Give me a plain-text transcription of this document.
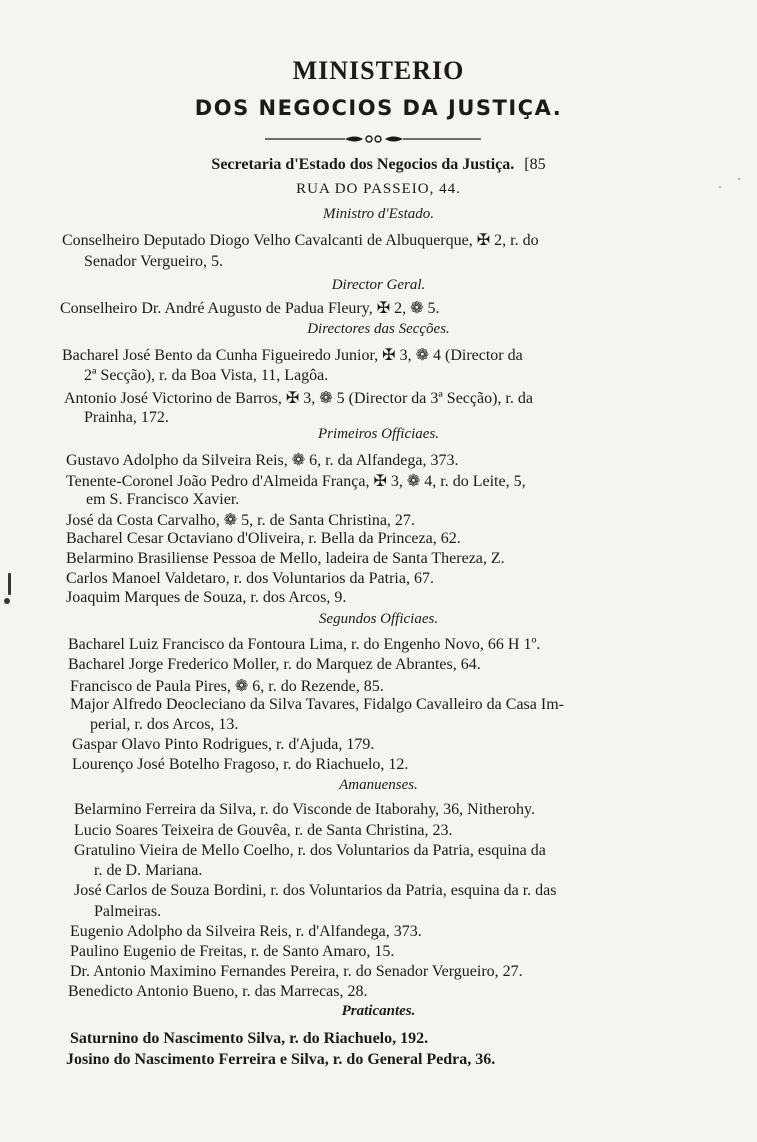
MINISTERIO
DOS NEGOCIOS DA JUSTIÇA.
Secretaria d'Estado dos Negocios da Justiça. [85
RUA DO PASSEIO, 44.
Ministro d'Estado.
Conselheiro Deputado Diogo Velho Cavalcanti de Albuquerque, ✠ 2, r. do
Senador Vergueiro, 5.
Director Geral.
Conselheiro Dr. André Augusto de Padua Fleury, ✠ 2, ❁ 5.
Directores das Secções.
Bacharel José Bento da Cunha Figueiredo Junior, ✠ 3, ❁ 4 (Director da
2ª Secção), r. da Boa Vista, 11, Lagôa.
Antonio José Victorino de Barros, ✠ 3, ❁ 5 (Director da 3ª Secção), r. da
Prainha, 172.
Primeiros Officiaes.
Gustavo Adolpho da Silveira Reis, ❁ 6, r. da Alfandega, 373.
Tenente-Coronel João Pedro d'Almeida França, ✠ 3, ❁ 4, r. do Leite, 5,
em S. Francisco Xavier.
José da Costa Carvalho, ❁ 5, r. de Santa Christina, 27.
Bacharel Cesar Octaviano d'Oliveira, r. Bella da Princeza, 62.
Belarmino Brasiliense Pessoa de Mello, ladeira de Santa Thereza, Z.
Carlos Manoel Valdetaro, r. dos Voluntarios da Patria, 67.
Joaquim Marques de Souza, r. dos Arcos, 9.
Segundos Officiaes.
Bacharel Luiz Francisco da Fontoura Lima, r. do Engenho Novo, 66 H 1º.
Bacharel Jorge Frederico Moller, r. do Marquez de Abrantes, 64.
Francisco de Paula Pires, ❁ 6, r. do Rezende, 85.
Major Alfredo Deocleciano da Silva Tavares, Fidalgo Cavalleiro da Casa Im-
perial, r. dos Arcos, 13.
Gaspar Olavo Pinto Rodrigues, r. d'Ajuda, 179.
Lourenço José Botelho Fragoso, r. do Riachuelo, 12.
Amanuenses.
Belarmino Ferreira da Silva, r. do Visconde de Itaborahy, 36, Nitherohy.
Lucio Soares Teixeira de Gouvêa, r. de Santa Christina, 23.
Gratulino Vieira de Mello Coelho, r. dos Voluntarios da Patria, esquina da
r. de D. Mariana.
José Carlos de Souza Bordini, r. dos Voluntarios da Patria, esquina da r. das
Palmeiras.
Eugenio Adolpho da Silveira Reis, r. d'Alfandega, 373.
Paulino Eugenio de Freitas, r. de Santo Amaro, 15.
Dr. Antonio Maximino Fernandes Pereira, r. do Senador Vergueiro, 27.
Benedicto Antonio Bueno, r. das Marrecas, 28.
Praticantes.
Saturnino do Nascimento Silva, r. do Riachuelo, 192.
Josino do Nascimento Ferreira e Silva, r. do General Pedra, 36.
